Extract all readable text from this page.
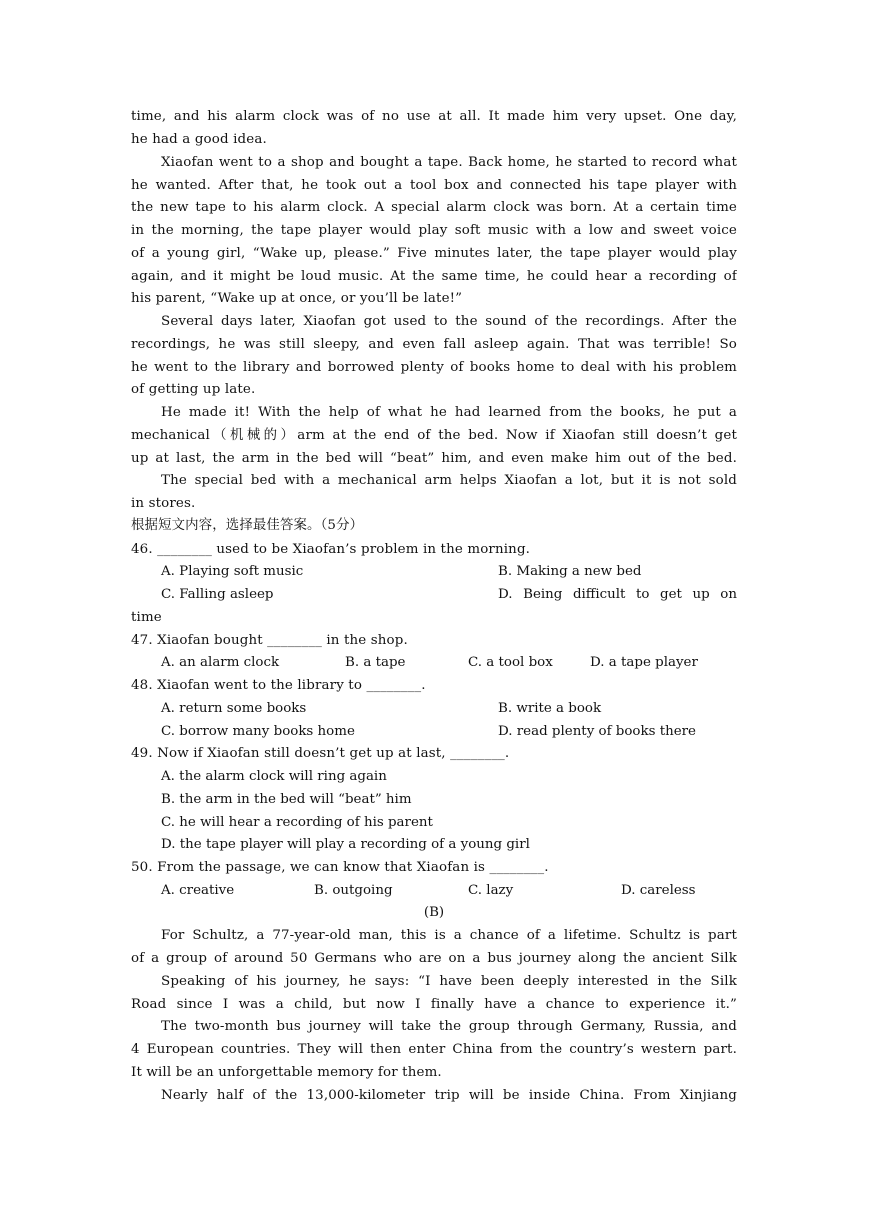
time, and his alarm clock was of no use at all. It made him very upset. One day,
he had a good idea.
Xiaofan went to a shop and bought a tape. Back home, he started to record what
he wanted. After that, he took out a tool box and connected his tape player with
the new tape to his alarm clock. A special alarm clock was born. At a certain time
in the morning, the tape player would play soft music with a low and sweet voice
of a young girl, “Wake up, please.” Five minutes later, the tape player would play
again, and it might be loud music. At the same time, he could hear a recording of
his parent, “Wake up at once, or you’ll be late!”
Several days later, Xiaofan got used to the sound of the recordings. After the
recordings, he was still sleepy, and even fall asleep again. That was terrible! So
he went to the library and borrowed plenty of books home to deal with his problem
of getting up late.
He made it! With the help of what he had learned from the books, he put a
mechanical（机械的）arm at the end of the bed. Now if Xiaofan still doesn’t get
up at last, the arm in the bed will “beat” him, and even make him out of the bed.
The special bed with a mechanical arm helps Xiaofan a lot, but it is not sold
in stores.
根据短文内容，选择最佳答案。（5分）
46. ________ used to be Xiaofan’s problem in the morning.
A. Playing soft music	B. Making a new bed
C. Falling asleep	D. Being difficult to get up on
time
47. Xiaofan bought ________ in the shop.
A. an alarm clock	B. a tape	C. a tool box	D. a tape player
48. Xiaofan went to the library to ________.
A. return some books	B. write a book
C. borrow many books home	D. read plenty of books there
49. Now if Xiaofan still doesn’t get up at last, ________.
A. the alarm clock will ring again
B. the arm in the bed will “beat” him
C. he will hear a recording of his parent
D. the tape player will play a recording of a young girl
50. From the passage, we can know that Xiaofan is ________.
A. creative	B. outgoing	C. lazy	D. careless
(B)
For Schultz, a 77-year-old man, this is a chance of a lifetime. Schultz is part
of a group of around 50 Germans who are on a bus journey along the ancient Silk
Speaking of his journey, he says: “I have been deeply interested in the Silk
Road since I was a child, but now I finally have a chance to experience it.”
The two-month bus journey will take the group through Germany, Russia, and
4 European countries. They will then enter China from the country’s western part.
It will be an unforgettable memory for them.
Nearly half of the 13,000-kilometer trip will be inside China. From Xinjiang
